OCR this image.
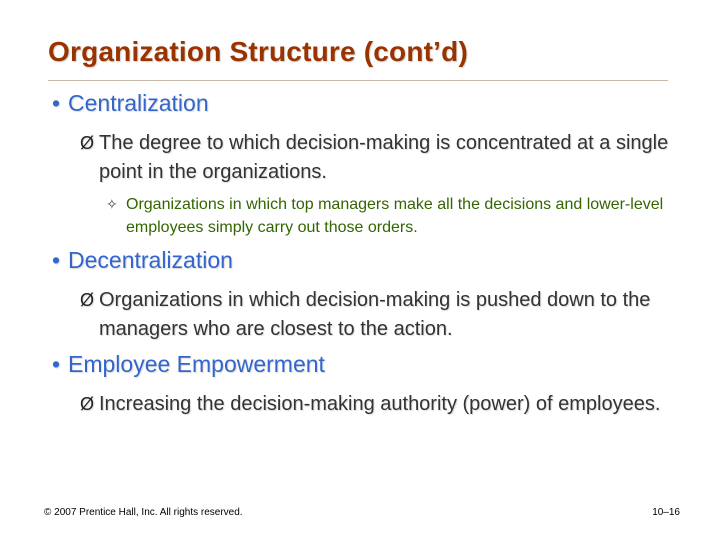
Organization Structure (cont’d)
• Centralization
Ø The degree to which decision-making is concentrated at a single point in the organizations.
✧ Organizations in which top managers make all the decisions and lower-level employees simply carry out those orders.
• Decentralization
Ø Organizations in which decision-making is pushed down to the managers who are closest to the action.
• Employee Empowerment
Ø Increasing the decision-making authority (power) of employees.
© 2007 Prentice Hall, Inc. All rights reserved.	10–16
